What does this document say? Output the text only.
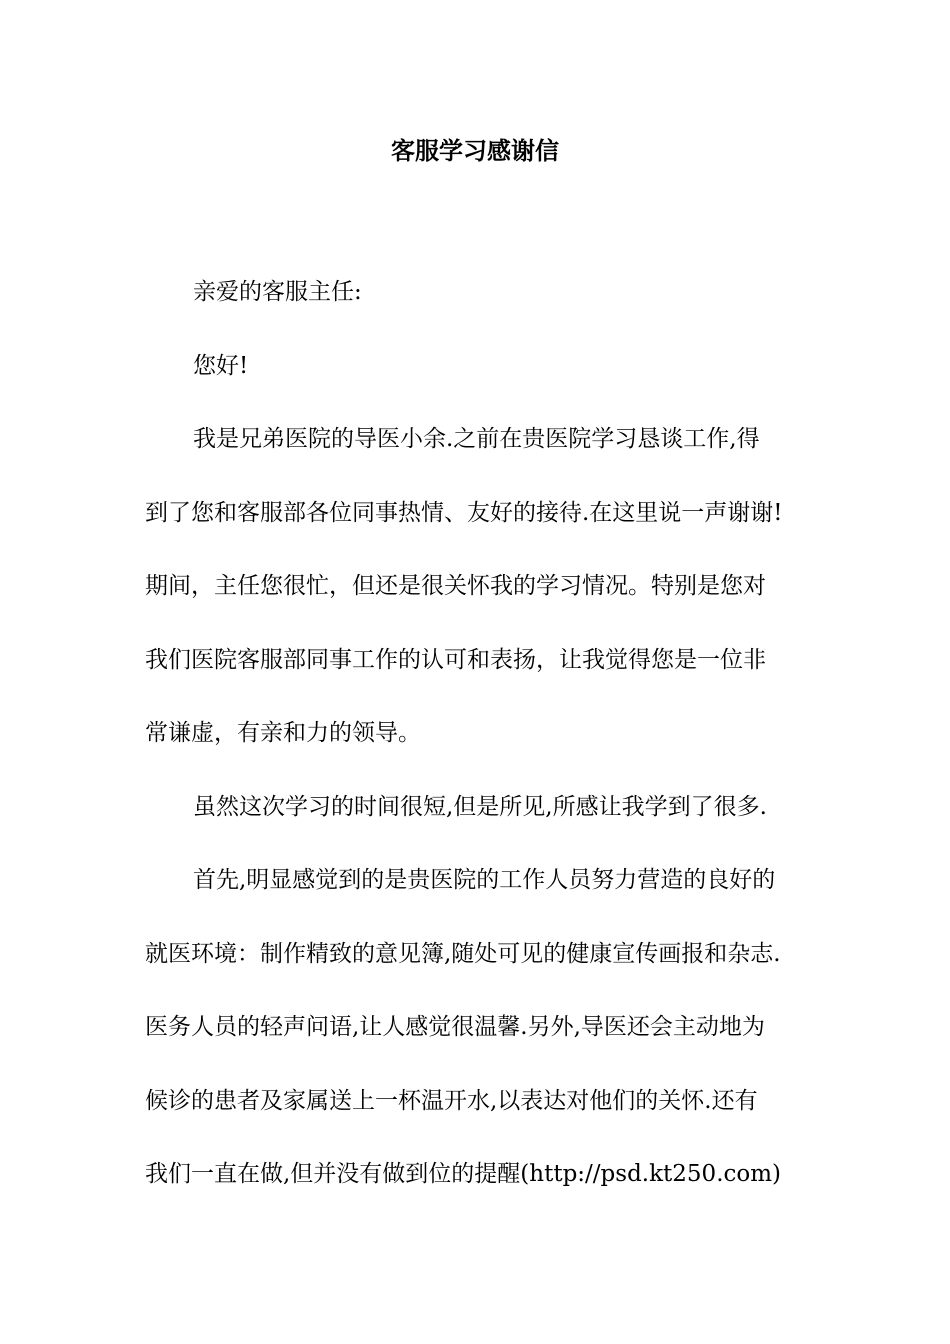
客服学习感谢信

亲爱的客服主任:

您好!

我是兄弟医院的导医小余.之前在贵医院学习恳谈工作,得
到了您和客服部各位同事热情、友好的接待.在这里说一声谢谢!
期间，主任您很忙，但还是很关怀我的学习情况。特别是您对
我们医院客服部同事工作的认可和表扬，让我觉得您是一位非
常谦虚，有亲和力的领导。

虽然这次学习的时间很短,但是所见,所感让我学到了很多.

首先,明显感觉到的是贵医院的工作人员努力营造的良好的
就医环境：制作精致的意见簿,随处可见的健康宣传画报和杂志.
医务人员的轻声问语,让人感觉很温馨.另外,导医还会主动地为
候诊的患者及家属送上一杯温开水,以表达对他们的关怀.还有
我们一直在做,但并没有做到位的提醒(http://psd.kt250.com)
